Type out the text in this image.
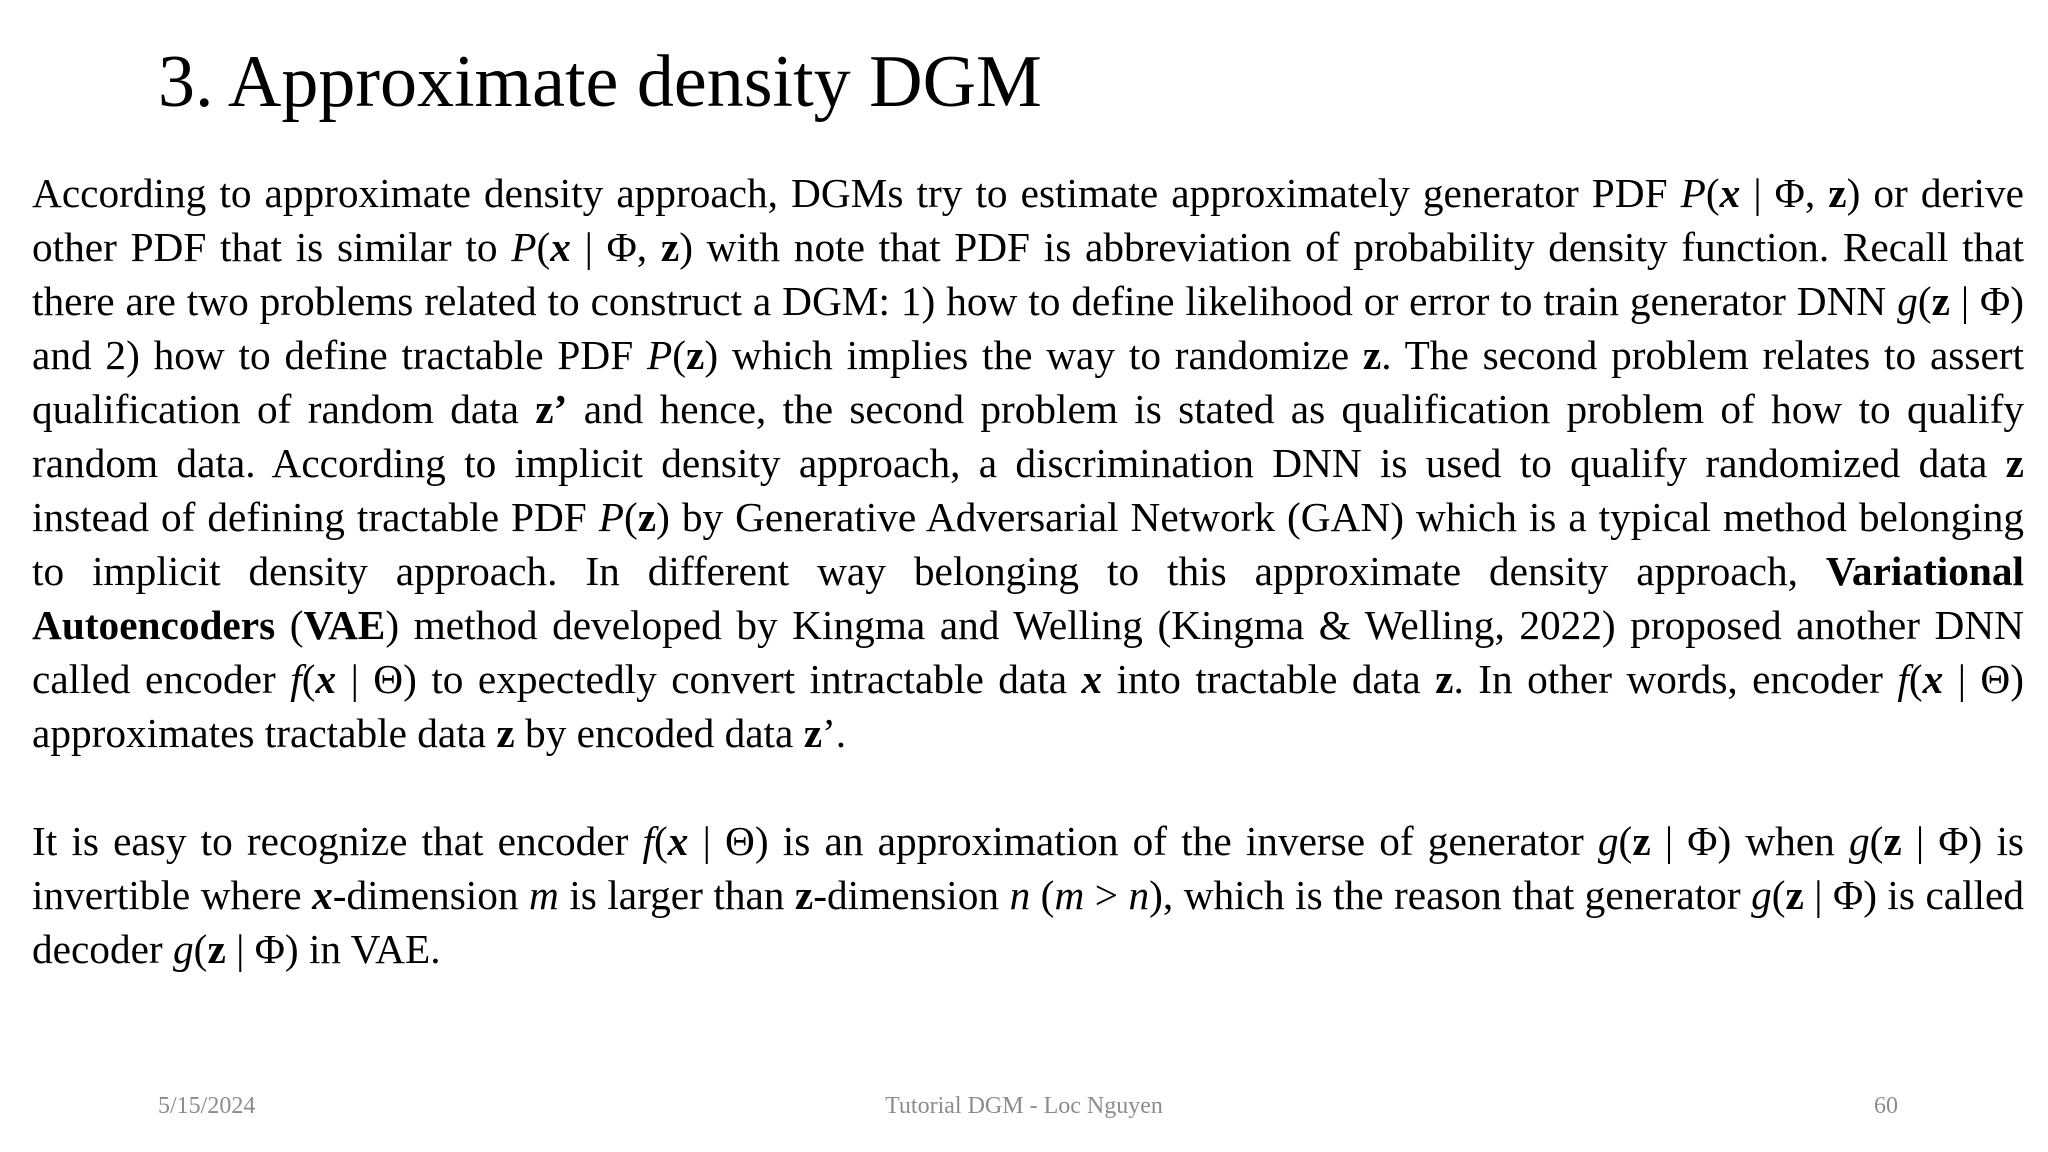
3. Approximate density DGM

According to approximate density approach, DGMs try to estimate approximately generator PDF P(x | Φ, z) or derive other PDF that is similar to P(x | Φ, z) with note that PDF is abbreviation of probability density function. Recall that there are two problems related to construct a DGM: 1) how to define likelihood or error to train generator DNN g(z | Φ) and 2) how to define tractable PDF P(z) which implies the way to randomize z. The second problem relates to assert qualification of random data z’ and hence, the second problem is stated as qualification problem of how to qualify random data. According to implicit density approach, a discrimination DNN is used to qualify randomized data z instead of defining tractable PDF P(z) by Generative Adversarial Network (GAN) which is a typical method belonging to implicit density approach. In different way belonging to this approximate density approach, Variational Autoencoders (VAE) method developed by Kingma and Welling (Kingma & Welling, 2022) proposed another DNN called encoder f(x | Θ) to expectedly convert intractable data x into tractable data z. In other words, encoder f(x | Θ) approximates tractable data z by encoded data z’.

It is easy to recognize that encoder f(x | Θ) is an approximation of the inverse of generator g(z | Φ) when g(z | Φ) is invertible where x-dimension m is larger than z-dimension n (m > n), which is the reason that generator g(z | Φ) is called decoder g(z | Φ) in VAE.

5/15/2024	Tutorial DGM - Loc Nguyen	60
